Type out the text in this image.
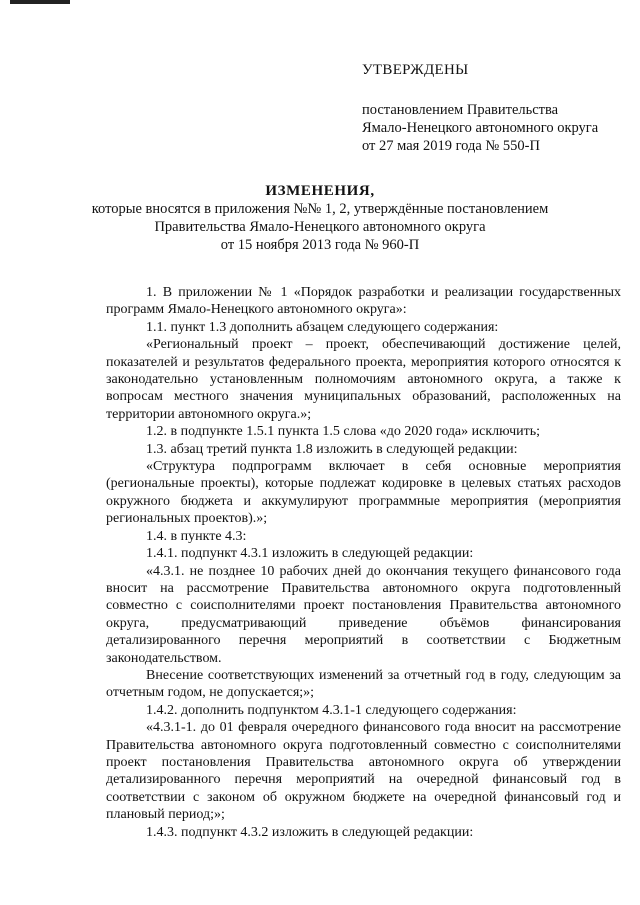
УТВЕРЖДЕНЫ
постановлением Правительства
Ямало-Ненецкого автономного округа
от 27 мая 2019 года № 550-П
ИЗМЕНЕНИЯ,
которые вносятся в приложения №№ 1, 2, утверждённые постановлением
Правительства Ямало-Ненецкого автономного округа
от 15 ноября 2013 года № 960-П

1. В приложении № 1 «Порядок разработки и реализации государственных программ Ямало-Ненецкого автономного округа»:

1.1. пункт 1.3 дополнить абзацем следующего содержания:

«Региональный проект – проект, обеспечивающий достижение целей, показателей и результатов федерального проекта, мероприятия которого относятся к законодательно установленным полномочиям автономного округа, а также к вопросам местного значения муниципальных образований, расположенных на территории автономного округа.»;

1.2. в подпункте 1.5.1 пункта 1.5 слова «до 2020 года» исключить;

1.3. абзац третий пункта 1.8 изложить в следующей редакции:

«Структура подпрограмм включает в себя основные мероприятия (региональные проекты), которые подлежат кодировке в целевых статьях расходов окружного бюджета и аккумулируют программные мероприятия (мероприятия региональных проектов).»;

1.4. в пункте 4.3:

1.4.1. подпункт 4.3.1 изложить в следующей редакции:

«4.3.1. не позднее 10 рабочих дней до окончания текущего финансового года вносит на рассмотрение Правительства автономного округа подготовленный совместно с соисполнителями проект постановления Правительства автономного округа, предусматривающий приведение объёмов финансирования детализированного перечня мероприятий в соответствии с Бюджетным законодательством.

Внесение соответствующих изменений за отчетный год в году, следующим за отчетным годом, не допускается;»;

1.4.2. дополнить подпунктом 4.3.1-1 следующего содержания:

«4.3.1-1. до 01 февраля очередного финансового года вносит на рассмотрение Правительства автономного округа подготовленный совместно с соисполнителями проект постановления Правительства автономного округа об утверждении детализированного перечня мероприятий на очередной финансовый год в соответствии с законом об окружном бюджете на очередной финансовый год и плановый период;»;

1.4.3. подпункт 4.3.2 изложить в следующей редакции:
